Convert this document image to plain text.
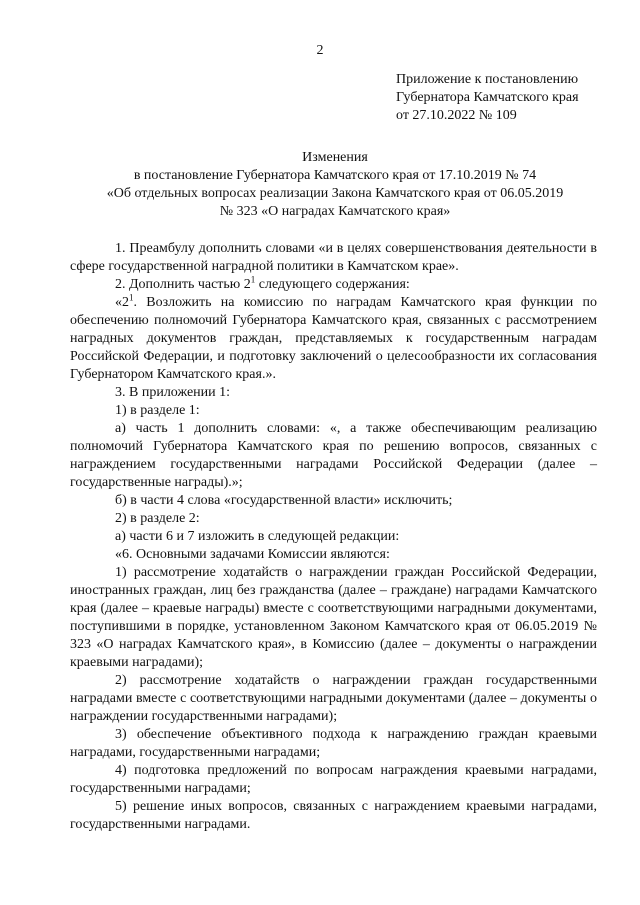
2
Приложение к постановлению
Губернатора Камчатского края
от 27.10.2022 № 109
Изменения
в постановление Губернатора Камчатского края от 17.10.2019 № 74
«Об отдельных вопросах реализации Закона Камчатского края от 06.05.2019
№ 323 «О наградах Камчатского края»

1. Преамбулу дополнить словами «и в целях совершенствования деятельности в сфере государственной наградной политики в Камчатском крае».

2. Дополнить частью $2^1$ следующего содержания:

«$2^1$. Возложить на комиссию по наградам Камчатского края функции по обеспечению полномочий Губернатора Камчатского края, связанных с рассмотрением наградных документов граждан, представляемых к государственным наградам Российской Федерации, и подготовку заключений о целесообразности их согласования Губернатором Камчатского края.».

3. В приложении 1:

1) в разделе 1:

а) часть 1 дополнить словами: «, а также обеспечивающим реализацию полномочий Губернатора Камчатского края по решению вопросов, связанных с награждением государственными наградами Российской Федерации (далее – государственные награды).»;

б) в части 4 слова «государственной власти» исключить;

2) в разделе 2:

а) части 6 и 7 изложить в следующей редакции:

«6. Основными задачами Комиссии являются:

1) рассмотрение ходатайств о награждении граждан Российской Федерации, иностранных граждан, лиц без гражданства (далее – граждане) наградами Камчатского края (далее – краевые награды) вместе с соответствующими наградными документами, поступившими в порядке, установленном Законом Камчатского края от 06.05.2019 № 323 «О наградах Камчатского края», в Комиссию (далее – документы о награждении краевыми наградами);

2) рассмотрение ходатайств о награждении граждан государственными наградами вместе с соответствующими наградными документами (далее – документы о награждении государственными наградами);

3) обеспечение объективного подхода к награждению граждан краевыми наградами, государственными наградами;

4) подготовка предложений по вопросам награждения краевыми наградами, государственными наградами;

5) решение иных вопросов, связанных с награждением краевыми наградами, государственными наградами.
